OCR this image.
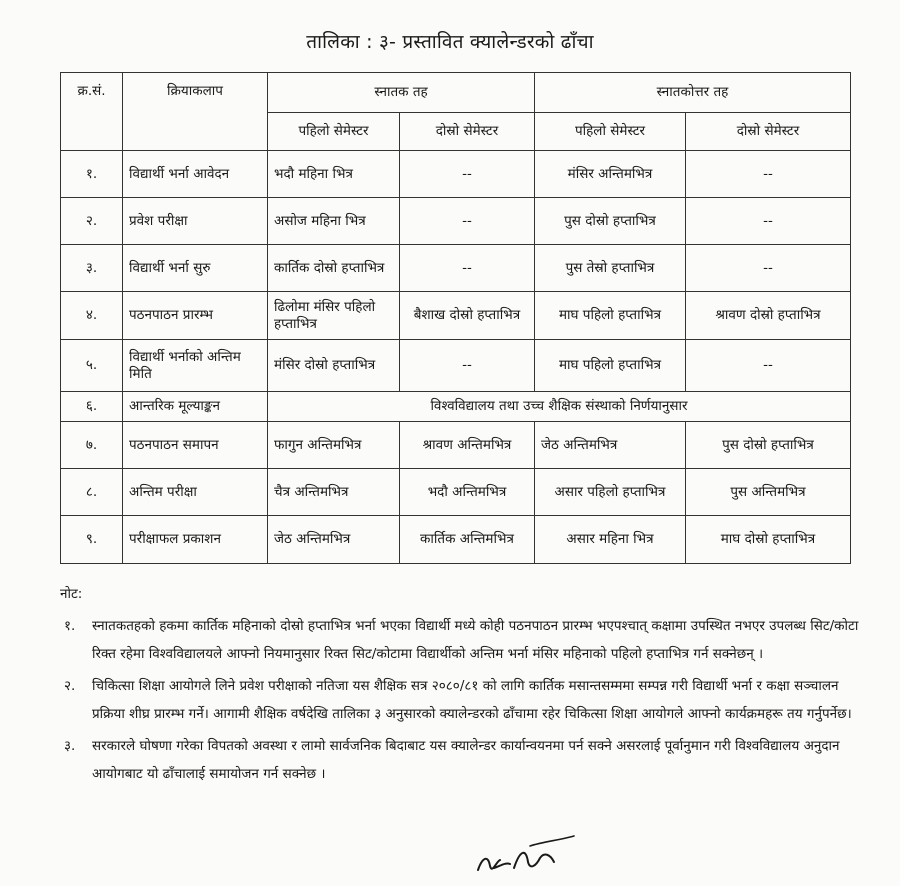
तालिका : ३- प्रस्तावित क्यालेन्डरको ढाँचा
क्र.सं.	क्रियाकलाप	स्नातक तह		स्नातकोत्तर तह	
		पहिलो सेमेस्टर	दोस्रो सेमेस्टर	पहिलो सेमेस्टर	दोस्रो सेमेस्टर
१.	विद्यार्थी भर्ना आवेदन	भदौ महिना भित्र	--	मंसिर अन्तिमभित्र	--
२.	प्रवेश परीक्षा	असोज महिना भित्र	--	पुस दोस्रो हप्ताभित्र	--
३.	विद्यार्थी भर्ना सुरु	कार्तिक दोस्रो हप्ताभित्र	--	पुस तेस्रो हप्ताभित्र	--
४.	पठनपाठन प्रारम्भ	ढिलोमा मंसिर पहिलो हप्ताभित्र	बैशाख दोस्रो हप्ताभित्र	माघ पहिलो हप्ताभित्र	श्रावण दोस्रो हप्ताभित्र
५.	विद्यार्थी भर्नाको अन्तिम मिति	मंसिर दोस्रो हप्ताभित्र	--	माघ पहिलो हप्ताभित्र	--
६.	आन्तरिक मूल्याङ्कन	विश्वविद्यालय तथा उच्च शैक्षिक संस्थाको निर्णयानुसार			
७.	पठनपाठन समापन	फागुन अन्तिमभित्र	श्रावण अन्तिमभित्र	जेठ अन्तिमभित्र	पुस दोस्रो हप्ताभित्र
८.	अन्तिम परीक्षा	चैत्र अन्तिमभित्र	भदौ अन्तिमभित्र	असार पहिलो हप्ताभित्र	पुस अन्तिमभित्र
९.	परीक्षाफल प्रकाशन	जेठ अन्तिमभित्र	कार्तिक अन्तिमभित्र	असार महिना भित्र	माघ दोस्रो हप्ताभित्र
नोट:
१.	स्नातकतहको हकमा कार्तिक महिनाको दोस्रो हप्ताभित्र भर्ना भएका विद्यार्थी मध्ये कोही पठनपाठन प्रारम्भ भएपश्चात् कक्षामा उपस्थित नभएर उपलब्ध सिट/कोटा रिक्त रहेमा विश्वविद्यालयले आफ्नो नियमानुसार रिक्त सिट/कोटामा विद्यार्थीको अन्तिम भर्ना मंसिर महिनाको पहिलो हप्ताभित्र गर्न सक्नेछन् ।
२.	चिकित्सा शिक्षा आयोगले लिने प्रवेश परीक्षाको नतिजा यस शैक्षिक सत्र २०८०/८१ को लागि कार्तिक मसान्तसम्ममा सम्पन्न गरी विद्यार्थी भर्ना र कक्षा सञ्चालन प्रक्रिया शीघ्र प्रारम्भ गर्ने। आगामी शैक्षिक वर्षदेखि तालिका ३ अनुसारको क्यालेन्डरको ढाँचामा रहेर चिकित्सा शिक्षा आयोगले आफ्नो कार्यक्रमहरू तय गर्नुपर्नेछ।
३.	सरकारले घोषणा गरेका विपतको अवस्था र लामो सार्वजनिक बिदाबाट यस क्यालेन्डर कार्यान्वयनमा पर्न सक्ने असरलाई पूर्वानुमान गरी विश्वविद्यालय अनुदान आयोगबाट यो ढाँचालाई समायोजन गर्न सक्नेछ ।
